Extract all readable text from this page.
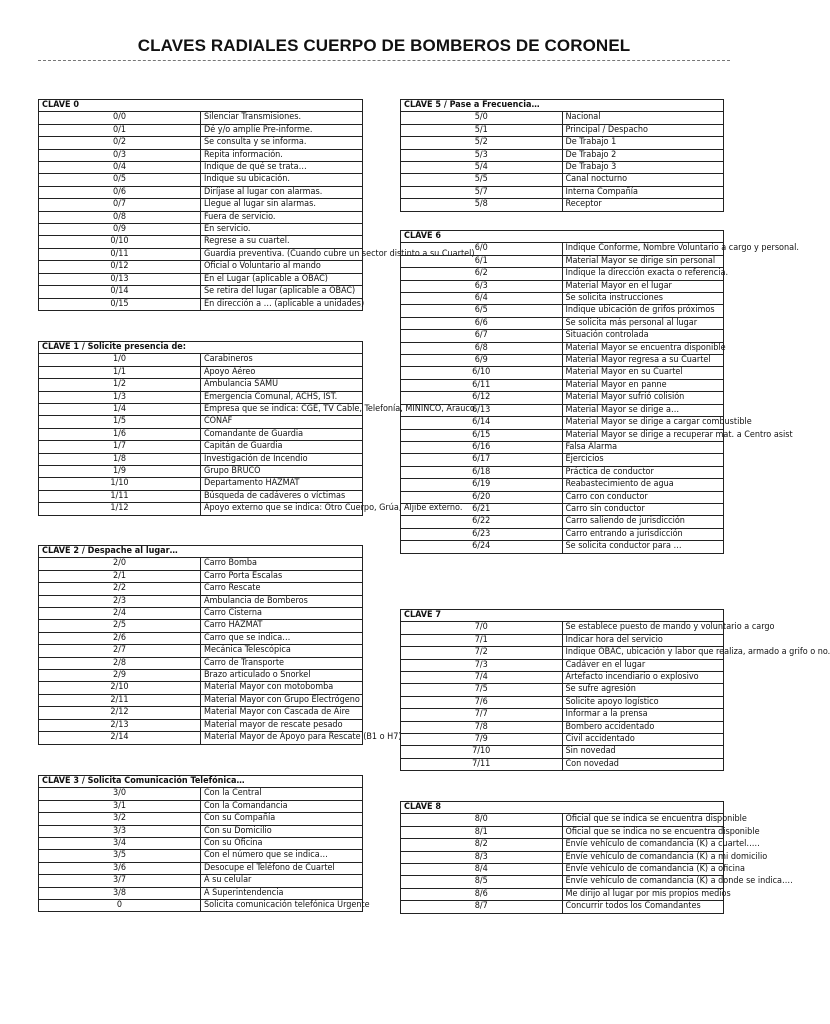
CLAVES RADIALES CUERPO DE BOMBEROS DE CORONEL
CLAVE 0	
0/0	Silenciar Transmisiones.
0/1	Dé y/o amplíe Pre-informe.
0/2	Se consulta y se informa.
0/3	Repita información.
0/4	Indique de qué se trata…
0/5	Indique su ubicación.
0/6	Diríjase al lugar con alarmas.
0/7	Llegue al lugar sin alarmas.
0/8	Fuera de servicio.
0/9	En servicio.
0/10	Regrese a su cuartel.
0/11	Guardia preventiva. (Cuando cubre un sector distinto a su Cuartel)
0/12	Oficial o Voluntario al mando
0/13	En el Lugar (aplicable a OBAC)
0/14	Se retira del lugar (aplicable a OBAC)
0/15	En dirección a … (aplicable a unidades)
CLAVE 1 / Solicite presencia de:	
1/0	Carabineros
1/1	Apoyo Aéreo
1/2	Ambulancia SAMU
1/3	Emergencia Comunal, ACHS, IST.
1/4	Empresa que se indica: CGE, TV Cable, Telefonía, MININCO, Arauco.
1/5	CONAF
1/6	Comandante de Guardia
1/7	Capitán de Guardia
1/8	Investigación de Incendio
1/9	Grupo BRUCO
1/10	Departamento HAZMAT
1/11	Búsqueda de cadáveres o víctimas
1/12	Apoyo externo que se indica: Otro Cuerpo, Grúa, Aljibe externo.
CLAVE 2 / Despache al lugar…	
2/0	Carro Bomba
2/1	Carro Porta Escalas
2/2	Carro Rescate
2/3	Ambulancia de Bomberos
2/4	Carro Cisterna
2/5	Carro HAZMAT
2/6	Carro que se indica…
2/7	Mecánica Telescópica
2/8	Carro de Transporte
2/9	Brazo articulado o Snorkel
2/10	Material Mayor con motobomba
2/11	Material Mayor con Grupo Electrógeno
2/12	Material Mayor con Cascada de Aire
2/13	Material mayor de rescate pesado
2/14	Material Mayor de Apoyo para Rescate (B1 o H7)
CLAVE 3 / Solicita Comunicación Telefónica…	
3/0	Con la Central
3/1	Con la Comandancia
3/2	Con su Compañía
3/3	Con su Domicilio
3/4	Con su Oficina
3/5	Con el número que se indica…
3/6	Desocupe el Teléfono de Cuartel
3/7	A su celular
3/8	A Superintendencia
0	Solicita comunicación telefónica Urgente
CLAVE 5 / Pase a Frecuencia…	
5/0	Nacional
5/1	Principal / Despacho
5/2	De Trabajo 1
5/3	De Trabajo 2
5/4	De Trabajo 3
5/5	Canal nocturno
5/7	Interna Compañía
5/8	Receptor
CLAVE 6	
6/0	Indique Conforme, Nombre Voluntario a cargo y personal.
6/1	Material Mayor se dirige sin personal
6/2	Indique la dirección exacta o referencia.
6/3	Material Mayor en el lugar
6/4	Se solicita instrucciones
6/5	Indique ubicación de grifos próximos
6/6	Se solicita más personal al lugar
6/7	Situación controlada
6/8	Material Mayor se encuentra disponible
6/9	Material Mayor regresa a su Cuartel
6/10	Material Mayor en su Cuartel
6/11	Material Mayor en panne
6/12	Material Mayor sufrió colisión
6/13	Material Mayor se dirige a…
6/14	Material Mayor se dirige a cargar combustible
6/15	Material Mayor se dirige a recuperar mat. a Centro asist
6/16	Falsa Alarma
6/17	Ejercicios
6/18	Práctica de conductor
6/19	Reabastecimiento de agua
6/20	Carro con conductor
6/21	Carro sin conductor
6/22	Carro saliendo de jurisdicción
6/23	Carro entrando a jurisdicción
6/24	Se solicita conductor para …
CLAVE 7	
7/0	Se establece puesto de mando y voluntario a cargo
7/1	Indicar hora del servicio
7/2	Indique OBAC, ubicación y labor que realiza, armado a grifo o no.
7/3	Cadáver en el lugar
7/4	Artefacto incendiario o explosivo
7/5	Se sufre agresión
7/6	Solicite apoyo logístico
7/7	Informar a la prensa
7/8	Bombero accidentado
7/9	Civil accidentado
7/10	Sin novedad
7/11	Con novedad
CLAVE 8	
8/0	Oficial que se indica se encuentra disponible
8/1	Oficial que se indica no se encuentra disponible
8/2	Envíe vehículo de comandancia (K) a cuartel…..
8/3	Envíe vehículo de comandancia (K) a mi domicilio
8/4	Envíe vehículo de comandancia (K) a oficina
8/5	Envíe vehículo de comandancia (K) a donde se indica….
8/6	Me dirijo al lugar por mis propios medios
8/7	Concurrir todos los Comandantes
